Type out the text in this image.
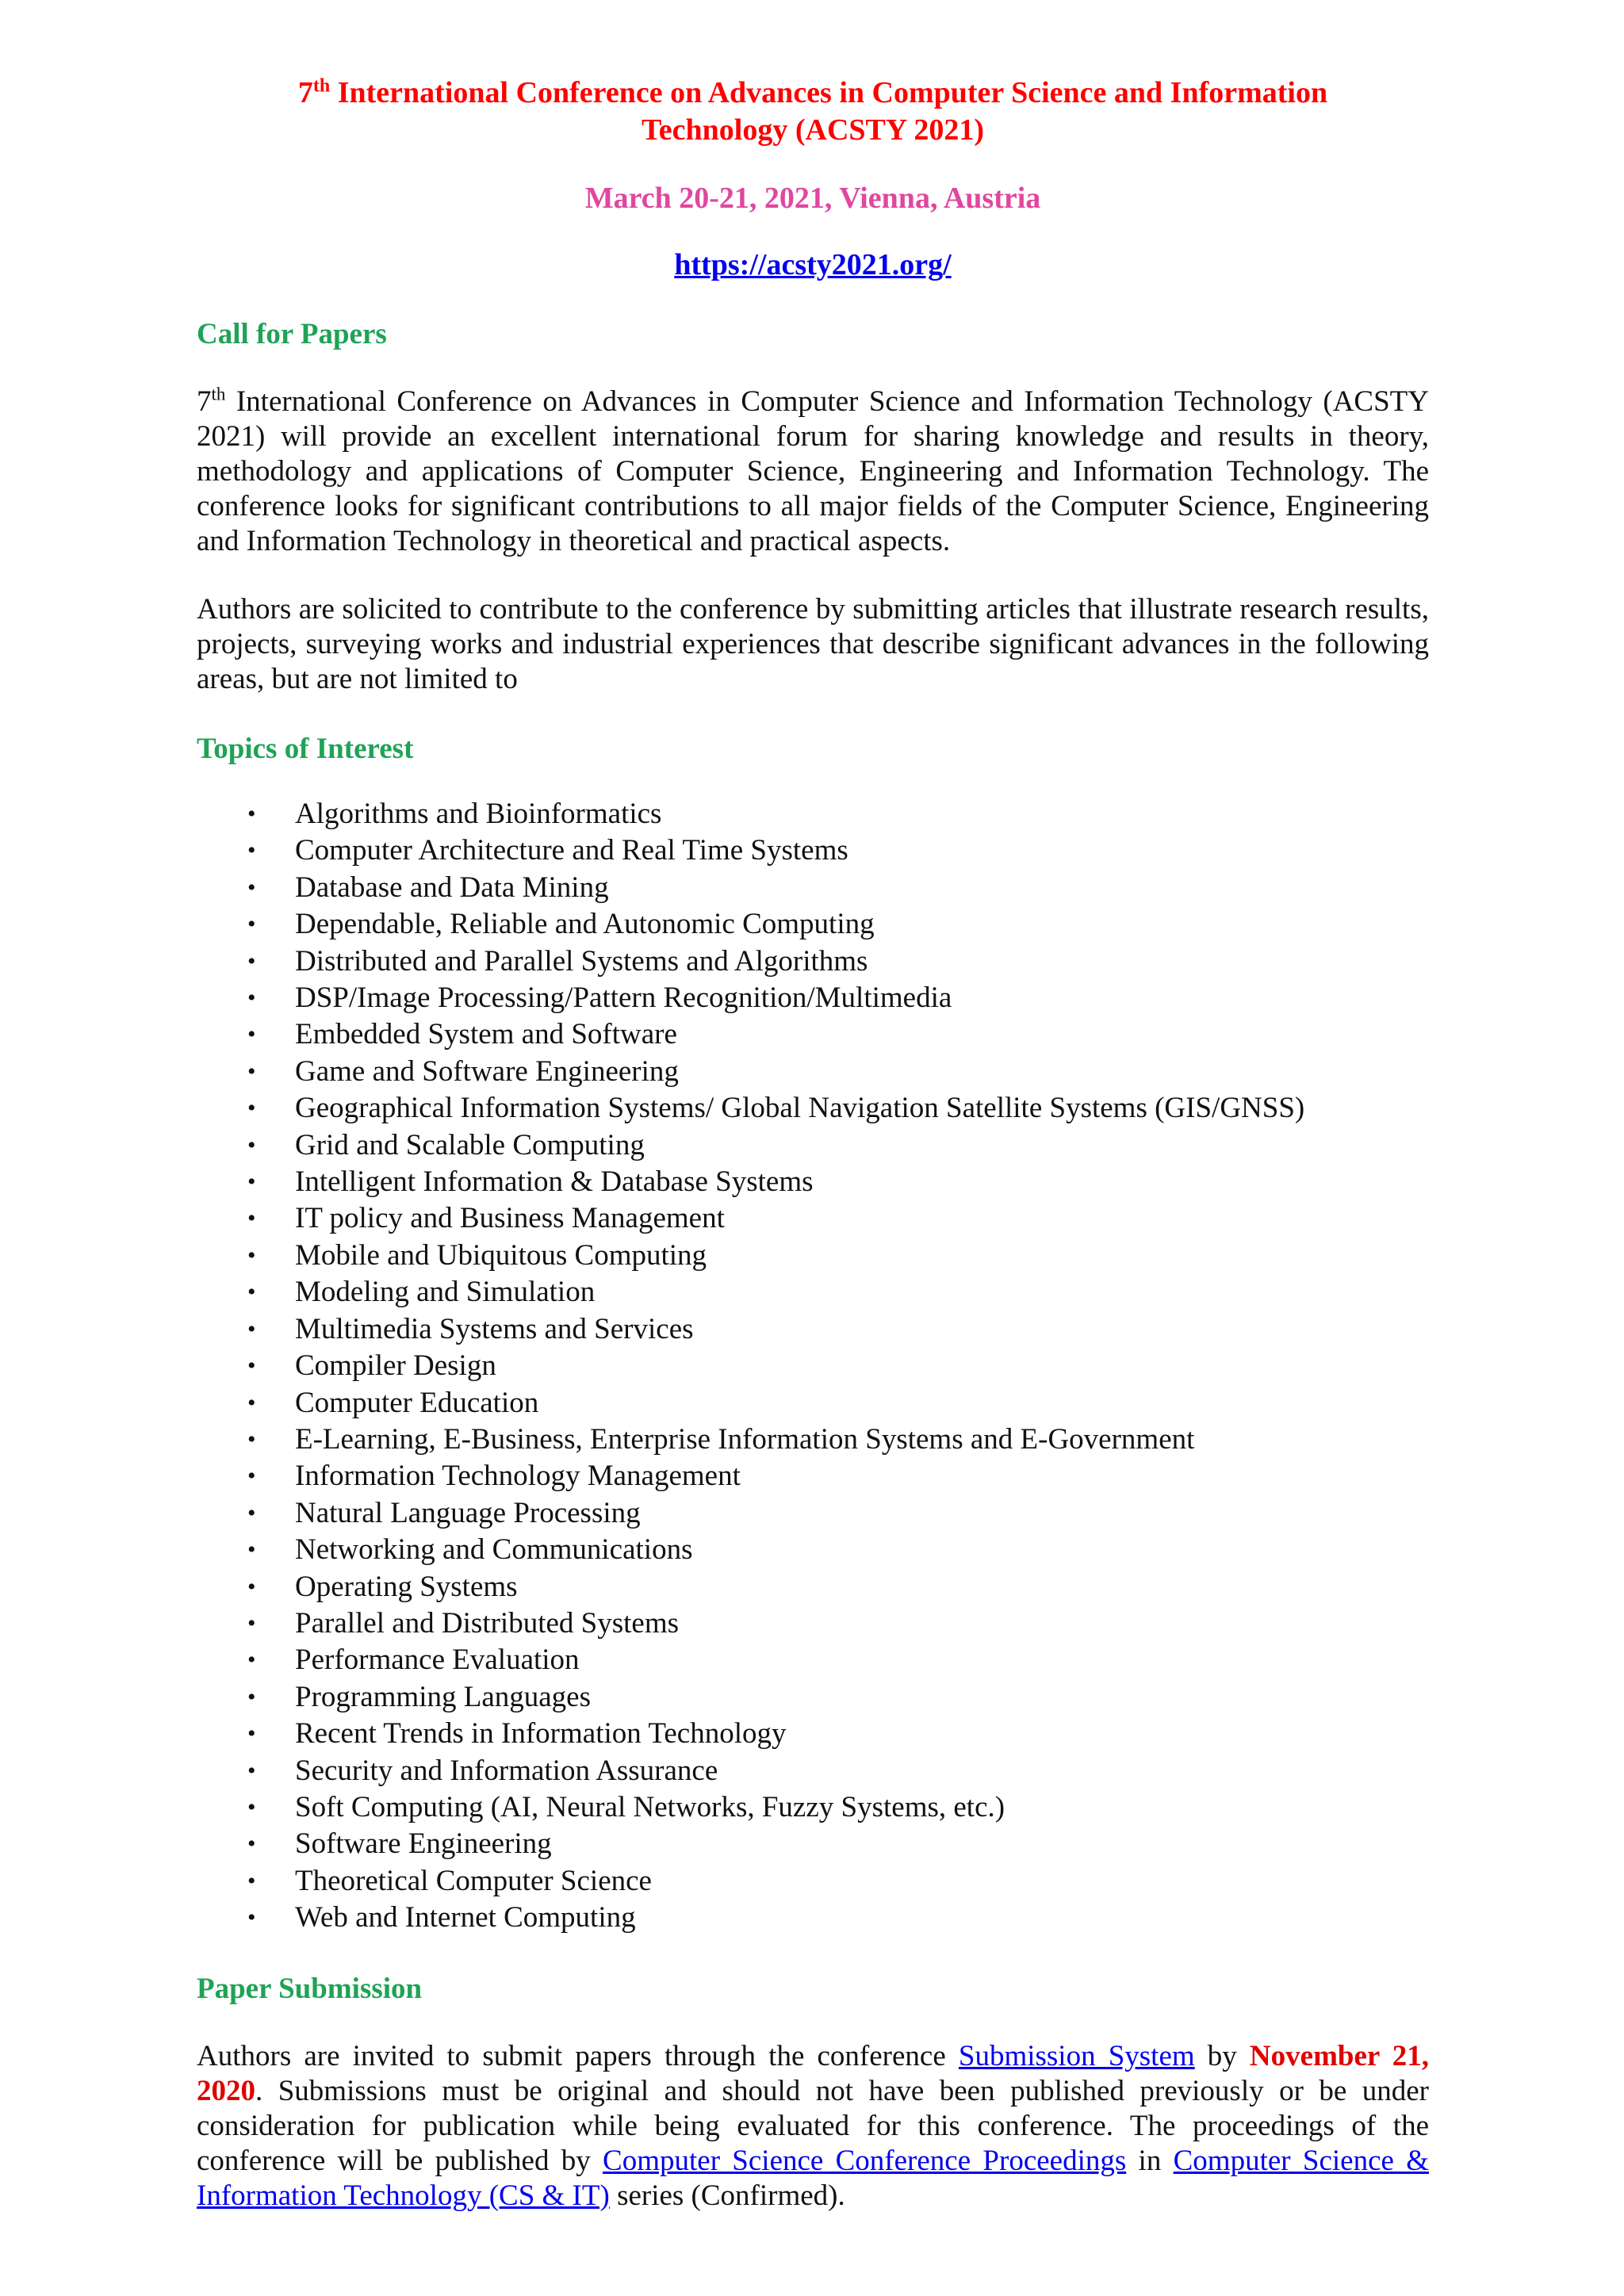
7th International Conference on Advances in Computer Science and Information
Technology (ACSTY 2021)
March 20-21, 2021, Vienna, Austria
https://acsty2021.org/
Call for Papers

7th International Conference on Advances in Computer Science and Information Technology (ACSTY 2021) will provide an excellent international forum for sharing knowledge and results in theory, methodology and applications of Computer Science, Engineering and Information Technology. The conference looks for significant contributions to all major fields of the Computer Science, Engineering and Information Technology in theoretical and practical aspects.

Authors are solicited to contribute to the conference by submitting articles that illustrate research results, projects, surveying works and industrial experiences that describe significant advances in the following areas, but are not limited to

Topics of Interest
• Algorithms and Bioinformatics
• Computer Architecture and Real Time Systems
• Database and Data Mining
• Dependable, Reliable and Autonomic Computing
• Distributed and Parallel Systems and Algorithms
• DSP/Image Processing/Pattern Recognition/Multimedia
• Embedded System and Software
• Game and Software Engineering
• Geographical Information Systems/ Global Navigation Satellite Systems (GIS/GNSS)
• Grid and Scalable Computing
• Intelligent Information & Database Systems
• IT policy and Business Management
• Mobile and Ubiquitous Computing
• Modeling and Simulation
• Multimedia Systems and Services
• Compiler Design
• Computer Education
• E-Learning, E-Business, Enterprise Information Systems and E-Government
• Information Technology Management
• Natural Language Processing
• Networking and Communications
• Operating Systems
• Parallel and Distributed Systems
• Performance Evaluation
• Programming Languages
• Recent Trends in Information Technology
• Security and Information Assurance
• Soft Computing (AI, Neural Networks, Fuzzy Systems, etc.)
• Software Engineering
• Theoretical Computer Science
• Web and Internet Computing
Paper Submission

Authors are invited to submit papers through the conference Submission System by November 21, 2020. Submissions must be original and should not have been published previously or be under consideration for publication while being evaluated for this conference. The proceedings of the conference will be published by Computer Science Conference Proceedings in Computer Science & Information Technology (CS & IT) series (Confirmed).
